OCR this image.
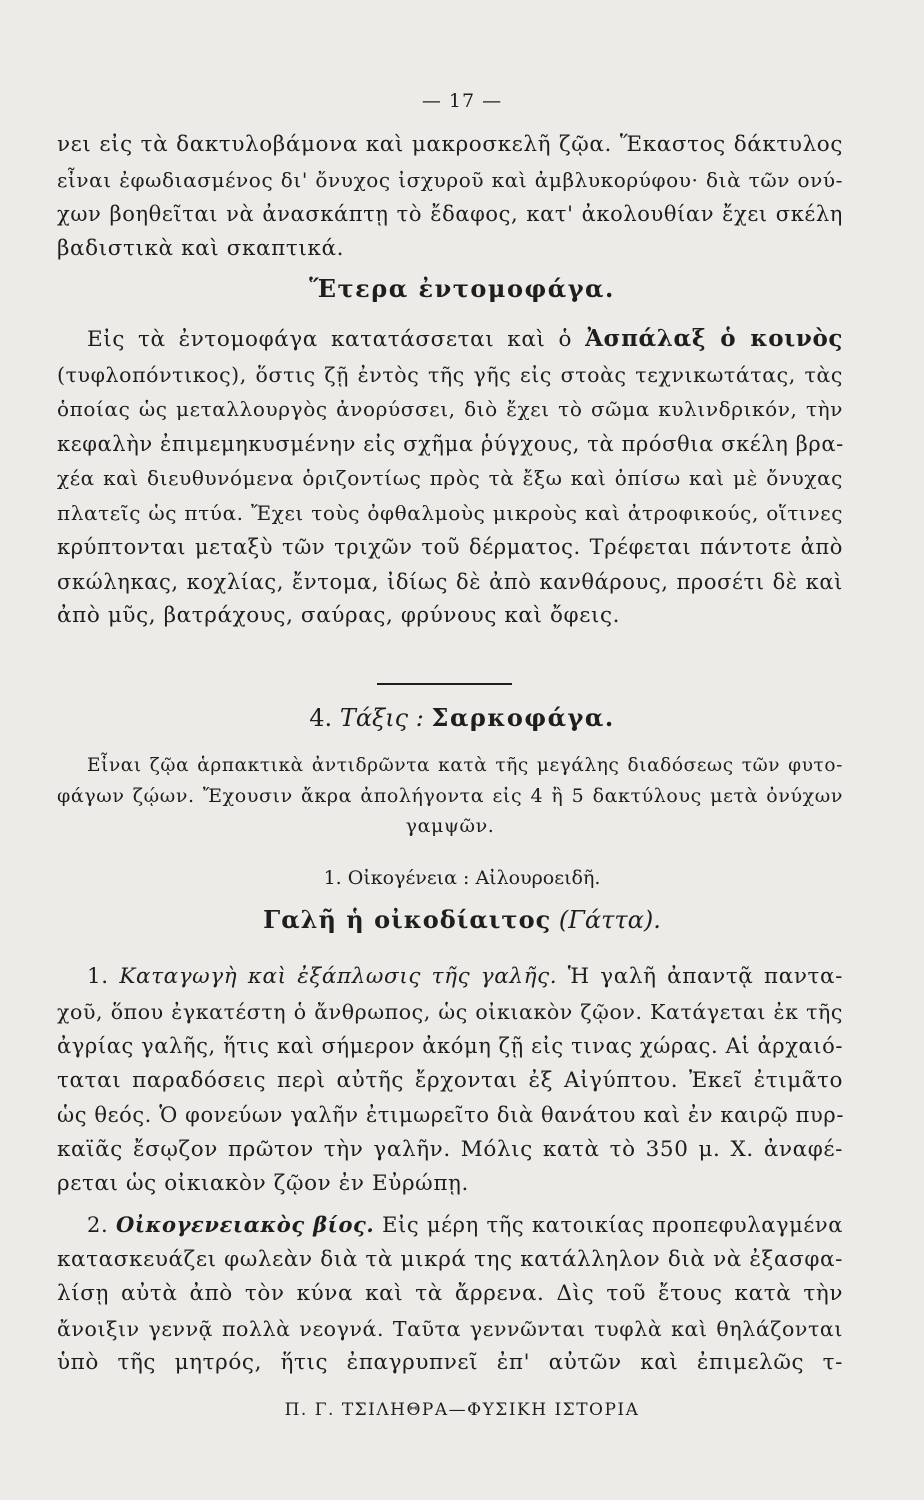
— 17 —
νει εἰς τὰ δακτυλοβάμονα καὶ μακροσκελῆ ζῷα. Ἕκαστος δάκτυλος
εἶναι ἐφωδιασμένος δι' ὄνυχος ἰσχυροῦ καὶ ἀμβλυκορύφου· διὰ τῶν ονύ-
χων βοηθεῖται νὰ ἀνασκάπτῃ τὸ ἔδαφος, κατ' ἀκολουθίαν ἔχει σκέλη
βαδιστικὰ καὶ σκαπτικά.
Ἕτερα ἐντομοφάγα.
Εἰς τὰ ἐντομοφάγα κατατάσσεται καὶ ὁ Ἀσπάλαξ ὁ κοινὸς
(τυφλοπόντικος), ὅστις ζῇ ἐντὸς τῆς γῆς εἰς στοὰς τεχνικωτάτας, τὰς
ὁποίας ὡς μεταλλουργὸς ἀνορύσσει, διὸ ἔχει τὸ σῶμα κυλινδρικόν, τὴν
κεφαλὴν ἐπιμεμηκυσμένην εἰς σχῆμα ῥύγχους, τὰ πρόσθια σκέλη βρα-
χέα καὶ διευθυνόμενα ὁριζοντίως πρὸς τὰ ἔξω καὶ ὀπίσω καὶ μὲ ὄνυχας
πλατεῖς ὡς πτύα. Ἔχει τοὺς ὀφθαλμοὺς μικροὺς καὶ ἀτροφικούς, οἵτινες
κρύπτονται μεταξὺ τῶν τριχῶν τοῦ δέρματος. Τρέφεται πάντοτε ἀπὸ
σκώληκας, κοχλίας, ἔντομα, ἰδίως δὲ ἀπὸ κανθάρους, προσέτι δὲ καὶ
ἀπὸ μῦς, βατράχους, σαύρας, φρύνους καὶ ὄφεις.
4. Τάξις : Σαρκοφάγα.
Εἶναι ζῷα ἁρπακτικὰ ἀντιδρῶντα κατὰ τῆς μεγάλης διαδόσεως τῶν φυτο-
φάγων ζῴων. Ἔχουσιν ἄκρα ἀπολήγοντα εἰς 4 ἢ 5 δακτύλους μετὰ ὀνύχων
γαμψῶν.
1. Οἰκογένεια : Αἰλουροειδῆ.
Γαλῆ ἡ οἰκοδίαιτος (Γάττα).
1. Καταγωγὴ καὶ ἐξάπλωσις τῆς γαλῆς. Ἡ γαλῆ ἀπαντᾷ παντα-
χοῦ, ὅπου ἐγκατέστη ὁ ἄνθρωπος, ὡς οἰκιακὸν ζῷον. Κατάγεται ἐκ τῆς
ἀγρίας γαλῆς, ἥτις καὶ σήμερον ἀκόμη ζῇ εἰς τινας χώρας. Αἱ ἀρχαιό-
ταται παραδόσεις περὶ αὐτῆς ἔρχονται ἐξ Αἰγύπτου. Ἐκεῖ ἐτιμᾶτο
ὡς θεός. Ὁ φονεύων γαλῆν ἐτιμωρεῖτο διὰ θανάτου καὶ ἐν καιρῷ πυρ-
καϊᾶς ἔσῳζον πρῶτον τὴν γαλῆν. Μόλις κατὰ τὸ 350 μ. Χ. ἀναφέ-
ρεται ὡς οἰκιακὸν ζῷον ἐν Εὐρώπῃ.
2. Οἰκογενειακὸς βίος. Εἰς μέρη τῆς κατοικίας προπεφυλαγμένα
κατασκευάζει φωλεὰν διὰ τὰ μικρά της κατάλληλον διὰ νὰ ἐξασφα-
λίσῃ αὐτὰ ἀπὸ τὸν κύνα καὶ τὰ ἄρρενα. Δὶς τοῦ ἔτους κατὰ τὴν
ἄνοιξιν γεννᾷ πολλὰ νεογνά. Ταῦτα γεννῶνται τυφλὰ καὶ θηλάζονται
ὑπὸ τῆς μητρός, ἥτις ἐπαγρυπνεῖ ἐπ' αὐτῶν καὶ ἐπιμελῶς τ-
Π. Γ. ΤΣΙΛΗΘΡΑ—ΦΥΣΙΚΗ ΙΣΤΟΡΙΑ
